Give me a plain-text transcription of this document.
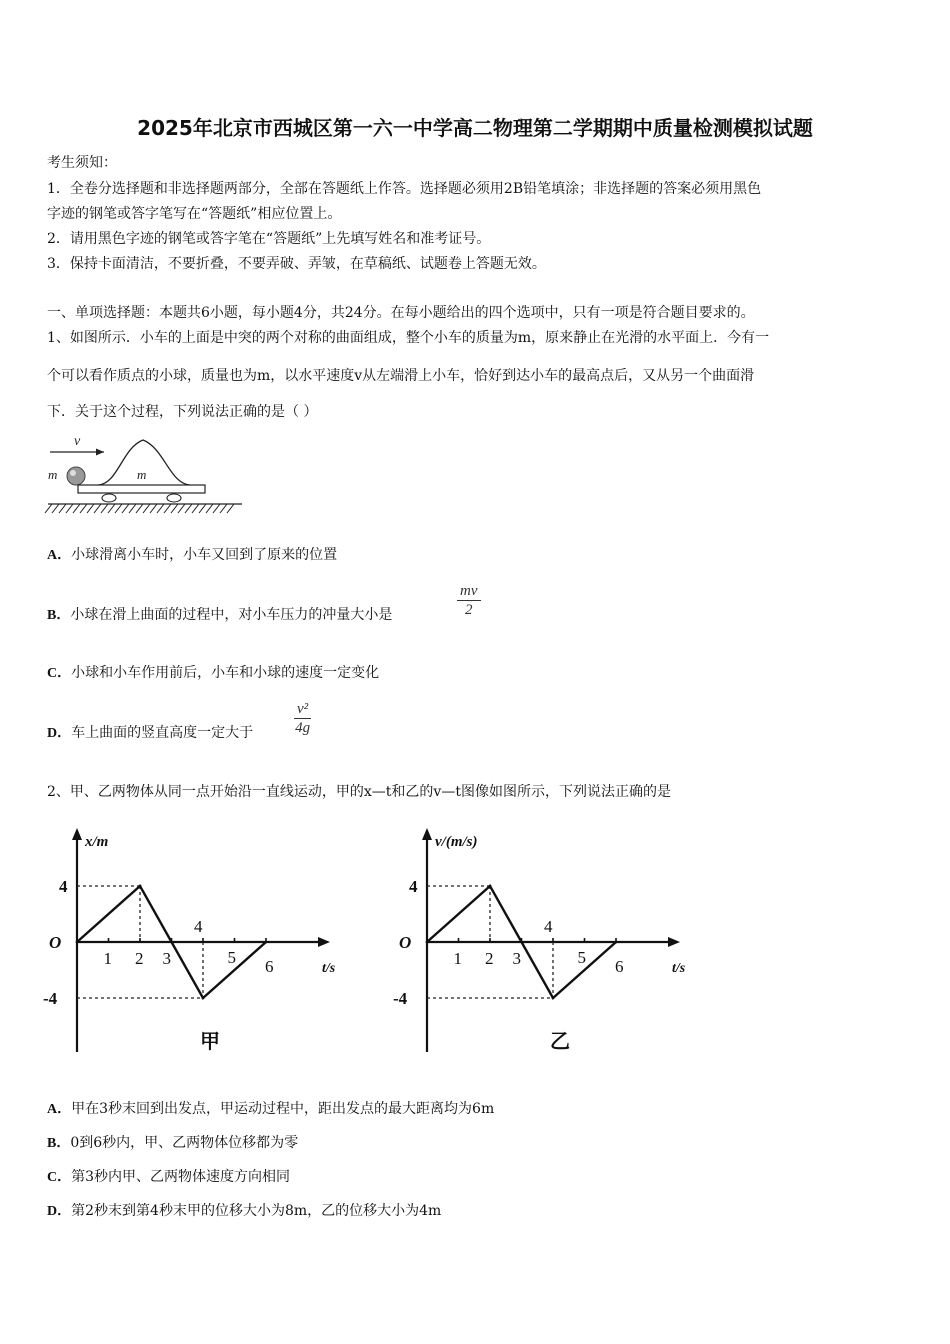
2025年北京市西城区第一六一中学高二物理第二学期期中质量检测模拟试题
考生须知：
1．全卷分选择题和非选择题两部分，全部在答题纸上作答。选择题必须用2B铅笔填涂；非选择题的答案必须用黑色
字迹的钢笔或答字笔写在“答题纸”相应位置上。
2．请用黑色字迹的钢笔或答字笔在“答题纸”上先填写姓名和准考证号。
3．保持卡面清洁，不要折叠，不要弄破、弄皱，在草稿纸、试题卷上答题无效。
一、单项选择题：本题共6小题，每小题4分，共24分。在每小题给出的四个选项中，只有一项是符合题目要求的。
1、如图所示．小车的上面是中突的两个对称的曲面组成，整个小车的质量为m，原来静止在光滑的水平面上．今有一
个可以看作质点的小球，质量也为m，以水平速度v从左端滑上小车，恰好到达小车的最高点后，又从另一个曲面滑
下．关于这个过程，下列说法正确的是（ ）
v
m	m
A．小球滑离小车时，小车又回到了原来的位置
B．小球在滑上曲面的过程中，对小车压力的冲量大小是	$\frac{mv}{2}$
C．小球和小车作用前后，小车和小球的速度一定变化
D．车上曲面的竖直高度一定大于	$\frac{\text{v²}}{4g}$
2、甲、乙两物体从同一点开始沿一直线运动，甲的x—t和乙的v—t图像如图所示，下列说法正确的是
x/m
t/s
4
O
-4
1 2 3
4
5 6
甲
v/(m/s)
t/s
4
O
-4
1 2 3
4
5 6
乙
A．甲在3秒末回到出发点，甲运动过程中，距出发点的最大距离均为6m
B．0到6秒内，甲、乙两物体位移都为零
C．第3秒内甲、乙两物体速度方向相同
D．第2秒末到第4秒末甲的位移大小为8m，乙的位移大小为4m
